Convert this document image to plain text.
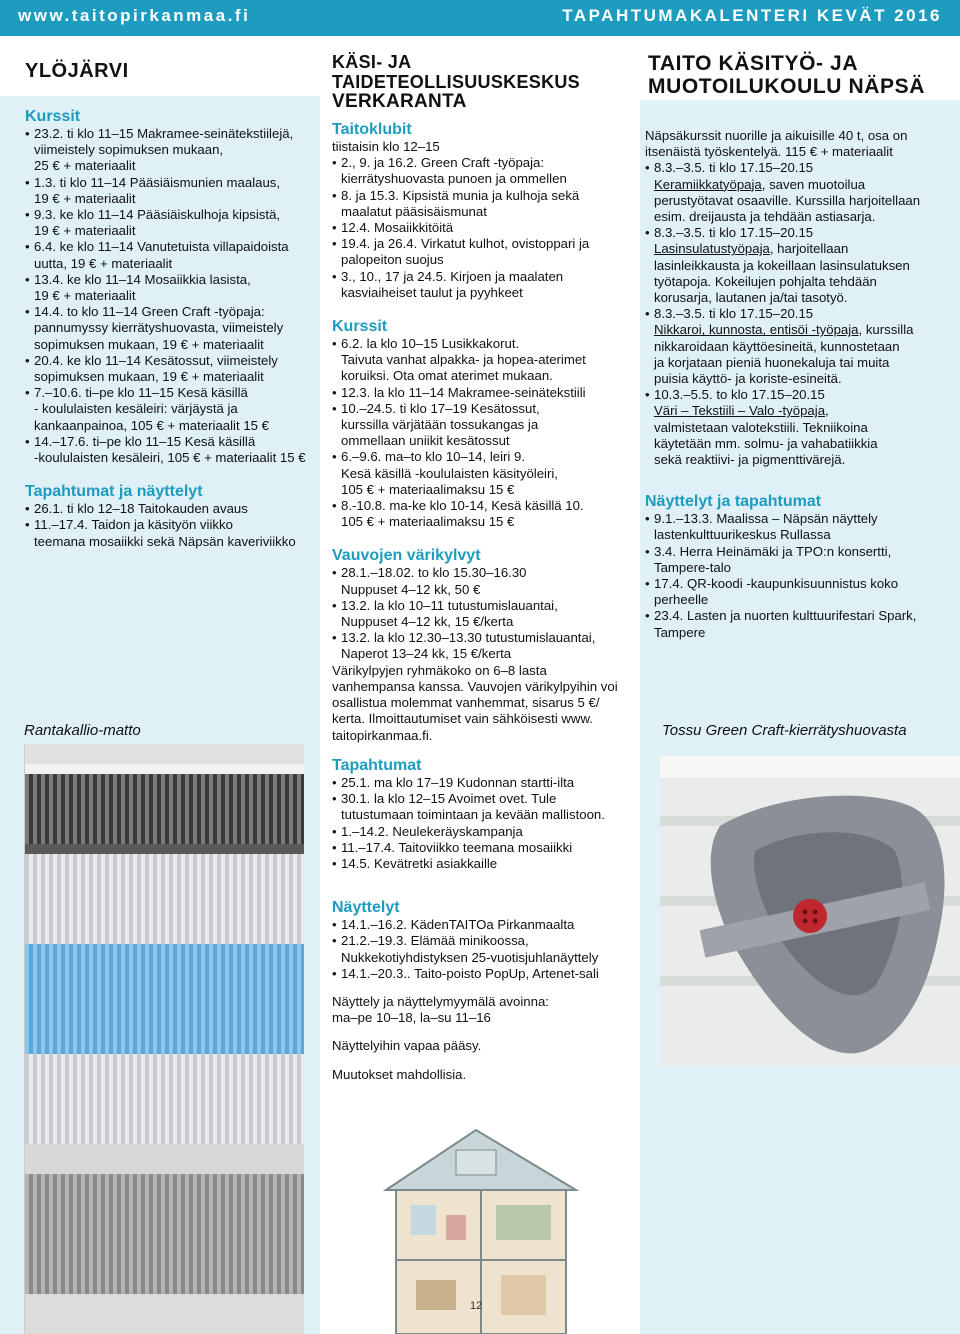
www.taitopirkanmaa.fi	TAPAHTUMAKALENTERI KEVÄT 2016
YLÖJÄRVI
Kurssit
• 23.2. ti klo 11–15 Makramee-seinätekstiilejä,
viimeistely sopimuksen mukaan,
25 € + materiaalit
• 1.3. ti klo 11–14 Pääsiäismunien maalaus,
19 € + materiaalit
• 9.3. ke klo 11–14 Pääsiäiskulhoja kipsistä,
19 € + materiaalit
• 6.4. ke klo 11–14 Vanutetuista villapaidoista
uutta, 19 € + materiaalit
• 13.4. ke klo 11–14 Mosaiikkia lasista,
19 € + materiaalit
• 14.4. to klo 11–14 Green Craft -työpaja:
pannumyssy kierrätyshuovasta, viimeistely
sopimuksen mukaan, 19 € + materiaalit
• 20.4. ke klo 11–14 Kesätossut, viimeistely
sopimuksen mukaan, 19 € + materiaalit
• 7.–10.6. ti–pe klo 11–15 Kesä käsillä
- koululaisten kesäleiri: värjäystä ja
kankaanpainoa, 105 € + materiaalit 15 €
• 14.–17.6. ti–pe klo 11–15 Kesä käsillä
-koululaisten kesäleiri, 105 € + materiaalit 15 €
Tapahtumat ja näyttelyt
• 26.1. ti klo 12–18 Taitokauden avaus
• 11.–17.4. Taidon ja käsityön viikko
teemana mosaiikki sekä Näpsän kaveriviikko
Rantakallio-matto
KÄSI- JA TAIDETEOLLISUUSKESKUS
VERKARANTA
Taitoklubit
tiistaisin klo 12–15
• 2., 9. ja 16.2. Green Craft -työpaja:
kierrätyshuovasta punoen ja ommellen
• 8. ja 15.3. Kipsistä munia ja kulhoja sekä
maalatut pääsisäismunat
• 12.4. Mosaiikkitöitä
• 19.4. ja 26.4. Virkatut kulhot, ovistoppari ja
palopeiton suojus
• 3., 10., 17 ja 24.5. Kirjoen ja maalaten
kasviaiheiset taulut ja pyyhkeet
Kurssit
• 6.2. la klo 10–15 Lusikkakorut.
Taivuta vanhat alpakka- ja hopea-aterimet
koruiksi. Ota omat aterimet mukaan.
• 12.3. la klo 11–14 Makramee-seinätekstiili
• 10.–24.5. ti klo 17–19 Kesätossut,
kurssilla värjätään tossukangas ja
ommellaan uniikit kesätossut
• 6.–9.6. ma–to klo 10–14, leiri 9.
Kesä käsillä -koululaisten käsityöleiri,
105 € + materiaalimaksu 15 €
• 8.-10.8. ma-ke klo 10-14, Kesä käsillä 10.
105 € + materiaalimaksu 15 €
Vauvojen värikylvyt
• 28.1.–18.02. to klo 15.30–16.30
Nuppuset 4–12 kk, 50 €
• 13.2. la klo 10–11 tutustumislauantai,
Nuppuset 4–12 kk, 15 €/kerta
• 13.2. la klo 12.30–13.30 tutustumislauantai,
Naperot 13–24 kk, 15 €/kerta
Värikylpyjen ryhmäkoko on 6–8 lasta
vanhempansa kanssa. Vauvojen värikylpyihin voi
osallistua molemmat vanhemmat, sisarus 5 €/
kerta. Ilmoittautumiset vain sähköisesti www.
taitopirkanmaa.fi.
Tapahtumat
• 25.1. ma klo 17–19 Kudonnan startti-ilta
• 30.1. la klo 12–15 Avoimet ovet. Tule
tutustumaan toimintaan ja kevään mallistoon.
• 1.–14.2. Neulekeräyskampanja
• 11.–17.4. Taitoviikko teemana mosaiikki
• 14.5. Kevätretki asiakkaille
Näyttelyt
• 14.1.–16.2. KädenTAITOa Pirkanmaalta
• 21.2.–19.3. Elämää minikoossa,
Nukkekotiyhdistyksen 25-vuotisjuhlanäyttely
• 14.1.–20.3.. Taito-poisto PopUp, Artenet-sali
Näyttely ja näyttelymyymälä avoinna:
ma–pe 10–18, la–su 11–16
Näyttelyihin vapaa pääsy.
Muutokset mahdollisia.
12
TAITO KÄSITYÖ- JA
MUOTOILUKOULU NÄPSÄ
Näpsäkurssit nuorille ja aikuisille 40 t, osa on
itsenäistä työskentelyä. 115 € + materiaalit
• 8.3.–3.5. ti klo 17.15–20.15
Keramiikkatyöpaja, saven muotoilua
perustyötavat osaaville. Kurssilla harjoitellaan
esim. dreijausta ja tehdään astiasarja.
• 8.3.–3.5. ti klo 17.15–20.15
Lasinsulatustyöpaja, harjoitellaan
lasinleikkausta ja kokeillaan lasinsulatuksen
työtapoja. Kokeilujen pohjalta tehdään
korusarja, lautanen ja/tai tasotyö.
• 8.3.–3.5. ti klo 17.15–20.15
Nikkaroi, kunnosta, entisöi -työpaja, kurssilla
nikkaroidaan käyttöesineitä, kunnostetaan
ja korjataan pieniä huonekaluja tai muita
puisia käyttö- ja koriste-esineitä.
• 10.3.–5.5. to klo 17.15–20.15
Väri – Tekstiili – Valo -työpaja,
valmistetaan valotekstiili. Tekniikoina
käytetään mm. solmu- ja vahabatiikkia
sekä reaktiivi- ja pigmenttivärejä.
Näyttelyt ja tapahtumat
• 9.1.–13.3. Maalissa – Näpsän näyttely
lastenkulttuurikeskus Rullassa
• 3.4. Herra Heinämäki ja TPO:n konsertti,
Tampere-talo
• 17.4. QR-koodi -kaupunkisuunnistus koko
perheelle
• 23.4. Lasten ja nuorten kulttuurifestari Spark,
Tampere
Tossu Green Craft-kierrätyshuovasta
